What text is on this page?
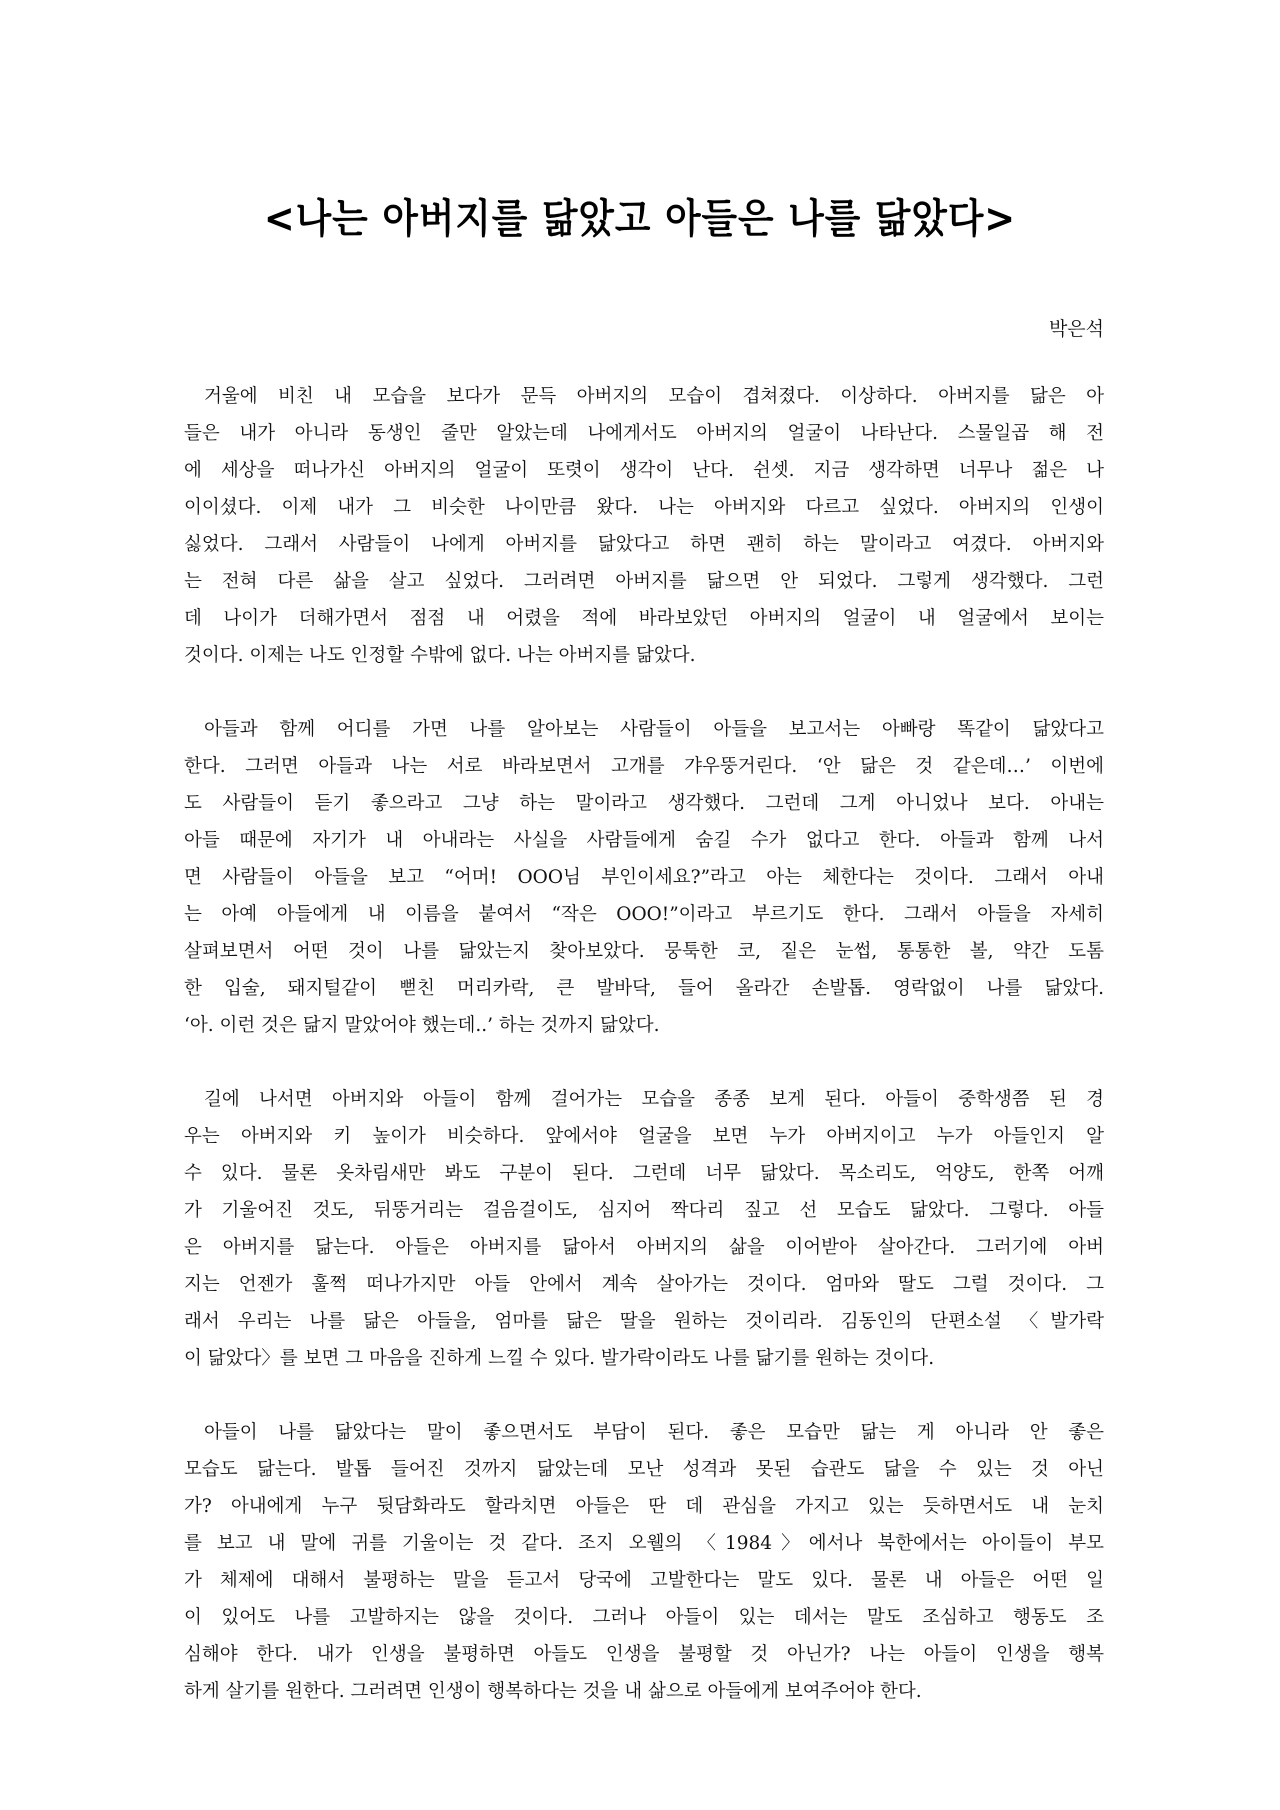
<나는 아버지를 닮았고 아들은 나를 닮았다>
박은석
거울에 비친 내 모습을 보다가 문득 아버지의 모습이 겹쳐졌다. 이상하다. 아버지를 닮은 아
들은 내가 아니라 동생인 줄만 알았는데 나에게서도 아버지의 얼굴이 나타난다. 스물일곱 해 전
에 세상을 떠나가신 아버지의 얼굴이 또렷이 생각이 난다. 쉰셋. 지금 생각하면 너무나 젊은 나
이이셨다. 이제 내가 그 비슷한 나이만큼 왔다. 나는 아버지와 다르고 싶었다. 아버지의 인생이
싫었다. 그래서 사람들이 나에게 아버지를 닮았다고 하면 괜히 하는 말이라고 여겼다. 아버지와
는 전혀 다른 삶을 살고 싶었다. 그러려면 아버지를 닮으면 안 되었다. 그렇게 생각했다. 그런
데 나이가 더해가면서 점점 내 어렸을 적에 바라보았던 아버지의 얼굴이 내 얼굴에서 보이는
것이다. 이제는 나도 인정할 수밖에 없다. 나는 아버지를 닮았다.
아들과 함께 어디를 가면 나를 알아보는 사람들이 아들을 보고서는 아빠랑 똑같이 닮았다고
한다. 그러면 아들과 나는 서로 바라보면서 고개를 갸우뚱거린다. ‘안 닮은 것 같은데…’ 이번에
도 사람들이 듣기 좋으라고 그냥 하는 말이라고 생각했다. 그런데 그게 아니었나 보다. 아내는
아들 때문에 자기가 내 아내라는 사실을 사람들에게 숨길 수가 없다고 한다. 아들과 함께 나서
면 사람들이 아들을 보고 “어머! OOO님 부인이세요?”라고 아는 체한다는 것이다. 그래서 아내
는 아예 아들에게 내 이름을 붙여서 “작은 OOO!”이라고 부르기도 한다. 그래서 아들을 자세히
살펴보면서 어떤 것이 나를 닮았는지 찾아보았다. 뭉툭한 코, 짙은 눈썹, 통통한 볼, 약간 도톰
한 입술, 돼지털같이 뻗친 머리카락, 큰 발바닥, 들어 올라간 손발톱. 영락없이 나를 닮았다.
‘아. 이런 것은 닮지 말았어야 했는데..’ 하는 것까지 닮았다.
길에 나서면 아버지와 아들이 함께 걸어가는 모습을 종종 보게 된다. 아들이 중학생쯤 된 경
우는 아버지와 키 높이가 비슷하다. 앞에서야 얼굴을 보면 누가 아버지이고 누가 아들인지 알
수 있다. 물론 옷차림새만 봐도 구분이 된다. 그런데 너무 닮았다. 목소리도, 억양도, 한쪽 어깨
가 기울어진 것도, 뒤뚱거리는 걸음걸이도, 심지어 짝다리 짚고 선 모습도 닮았다. 그렇다. 아들
은 아버지를 닮는다. 아들은 아버지를 닮아서 아버지의 삶을 이어받아 살아간다. 그러기에 아버
지는 언젠가 훌쩍 떠나가지만 아들 안에서 계속 살아가는 것이다. 엄마와 딸도 그럴 것이다. 그
래서 우리는 나를 닮은 아들을, 엄마를 닮은 딸을 원하는 것이리라. 김동인의 단편소설 〈발가락
이 닮았다〉를 보면 그 마음을 진하게 느낄 수 있다. 발가락이라도 나를 닮기를 원하는 것이다.
아들이 나를 닮았다는 말이 좋으면서도 부담이 된다. 좋은 모습만 닮는 게 아니라 안 좋은
모습도 닮는다. 발톱 들어진 것까지 닮았는데 모난 성격과 못된 습관도 닮을 수 있는 것 아닌
가? 아내에게 누구 뒷담화라도 할라치면 아들은 딴 데 관심을 가지고 있는 듯하면서도 내 눈치
를 보고 내 말에 귀를 기울이는 것 같다. 조지 오웰의 〈1984〉에서나 북한에서는 아이들이 부모
가 체제에 대해서 불평하는 말을 듣고서 당국에 고발한다는 말도 있다. 물론 내 아들은 어떤 일
이 있어도 나를 고발하지는 않을 것이다. 그러나 아들이 있는 데서는 말도 조심하고 행동도 조
심해야 한다. 내가 인생을 불평하면 아들도 인생을 불평할 것 아닌가? 나는 아들이 인생을 행복
하게 살기를 원한다. 그러려면 인생이 행복하다는 것을 내 삶으로 아들에게 보여주어야 한다.
